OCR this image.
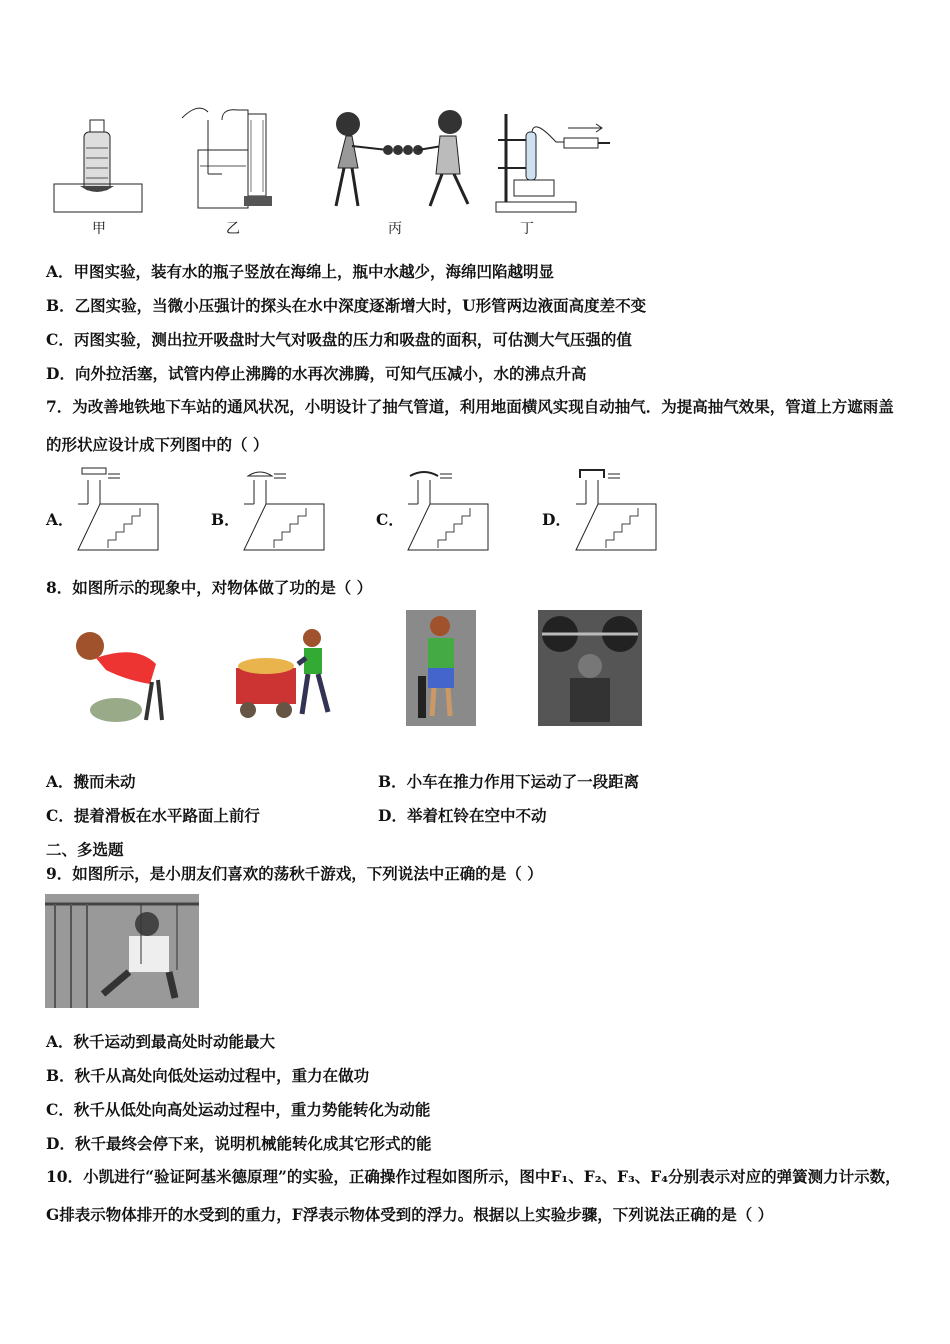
甲	乙	丙	丁
A．甲图实验，装有水的瓶子竖放在海绵上，瓶中水越少，海绵凹陷越明显
B．乙图实验，当微小压强计的探头在水中深度逐渐增大时，U形管两边液面高度差不变
C．丙图实验，测出拉开吸盘时大气对吸盘的压力和吸盘的面积，可估测大气压强的值
D．向外拉活塞，试管内停止沸腾的水再次沸腾，可知气压减小，水的沸点升高
7．为改善地铁地下车站的通风状况，小明设计了抽气管道，利用地面横风实现自动抽气．为提高抽气效果，管道上方遮雨盖的形状应设计成下列图中的（ ）
A．	B．	C．	D．
8．如图所示的现象中，对物体做了功的是（ ）
A．搬而未动	B．小车在推力作用下运动了一段距离
C．提着滑板在水平路面上前行	D．举着杠铃在空中不动
二、多选题
9．如图所示，是小朋友们喜欢的荡秋千游戏，下列说法中正确的是（ ）
A．秋千运动到最高处时动能最大
B．秋千从高处向低处运动过程中，重力在做功
C．秋千从低处向高处运动过程中，重力势能转化为动能
D．秋千最终会停下来，说明机械能转化成其它形式的能
10．小凯进行“验证阿基米德原理”的实验，正确操作过程如图所示，图中F₁、F₂、F₃、F₄分别表示对应的弹簧测力计示数，G排表示物体排开的水受到的重力，F浮表示物体受到的浮力。根据以上实验步骤，下列说法正确的是（ ）
